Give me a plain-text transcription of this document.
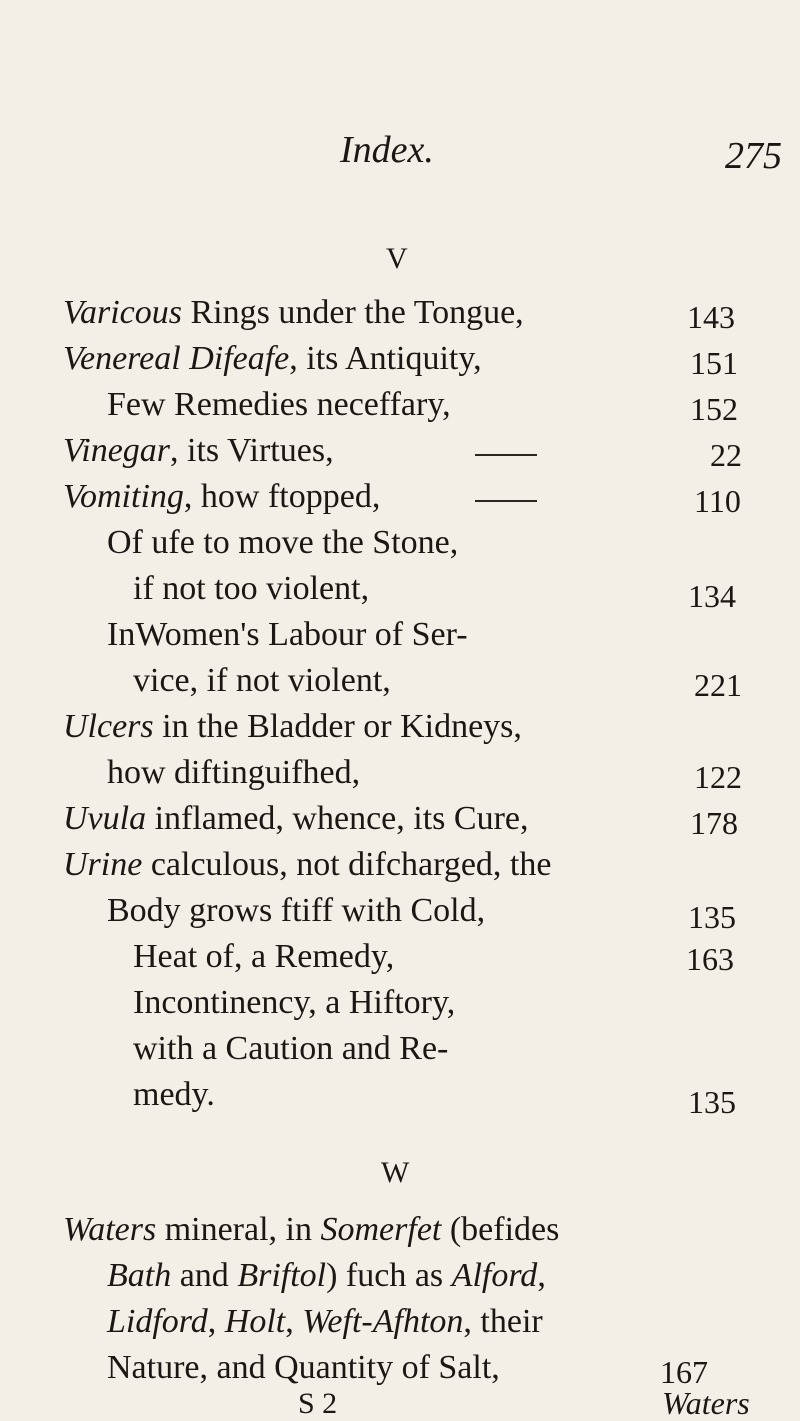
Index.	275
V
Varicous Rings under the Tongue,	143
Venereal Difeafe, its Antiquity,	151
Few Remedies neceffary,	152
Vinegar, its Virtues,	22
Vomiting, how ftopped,	110
Of ufe to move the Stone,
if not too violent,	134
InWomen's Labour of Ser-
vice, if not violent,	221
Ulcers in the Bladder or Kidneys,
how diftinguifhed,	122
Uvula inflamed, whence, its Cure,	178
Urine calculous, not difcharged, the
Body grows ftiff with Cold,	135
Heat of, a Remedy,	163
Incontinency, a Hiftory,
with a Caution and Re-
medy.	135
W
Waters mineral, in Somerfet (befides
Bath and Briftol) fuch as Alford,
Lidford, Holt, Weft-Afhton, their
Nature, and Quantity of Salt,	167
S 2	Waters
